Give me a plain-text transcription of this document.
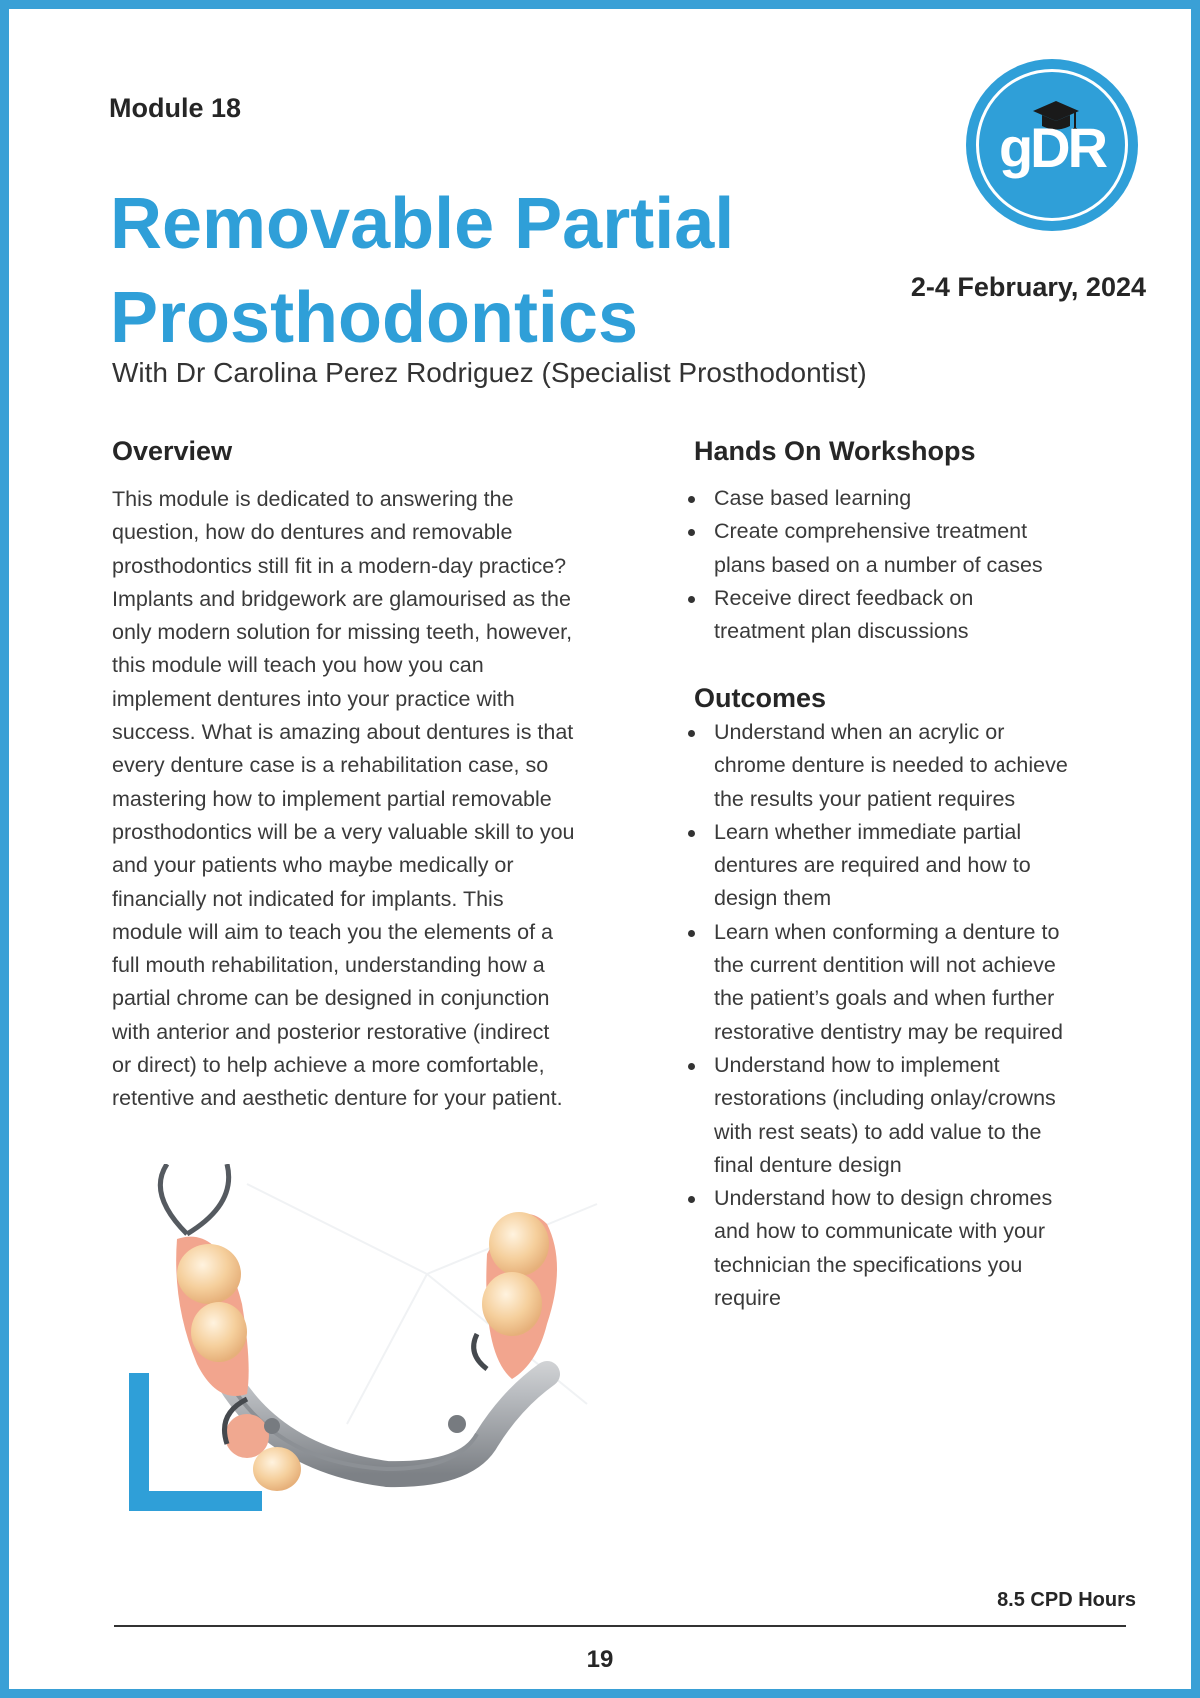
Module 18
Removable Partial
Prosthodontics
With Dr Carolina Perez Rodriguez (Specialist Prosthodontist)
gDR
2-4 February, 2024
Overview
This module is dedicated to answering the
question, how do dentures and removable
prosthodontics still fit in a modern-day practice?
Implants and bridgework are glamourised as the
only modern solution for missing teeth, however,
this module will teach you how you can
implement dentures into your practice with
success. What is amazing about dentures is that
every denture case is a rehabilitation case, so
mastering how to implement partial removable
prosthodontics will be a very valuable skill to you
and your patients who maybe medically or
financially not indicated for implants. This
module will aim to teach you the elements of a
full mouth rehabilitation, understanding how a
partial chrome can be designed in conjunction
with anterior and posterior restorative (indirect
or direct) to help achieve a more comfortable,
retentive and aesthetic denture for your patient.
Hands On Workshops
Case based learning
Create comprehensive treatment
plans based on a number of cases
Receive direct feedback on
treatment plan discussions
Outcomes
Understand when an acrylic or
chrome denture is needed to achieve
the results your patient requires
Learn whether immediate partial
dentures are required and how to
design them
Learn when conforming a denture to
the current dentition will not achieve
the patient’s goals and when further
restorative dentistry may be required
Understand how to implement
restorations (including onlay/crowns
with rest seats) to add value to the
final denture design
Understand how to design chromes
and how to communicate with your
technician the specifications you
require
8.5 CPD Hours
19
